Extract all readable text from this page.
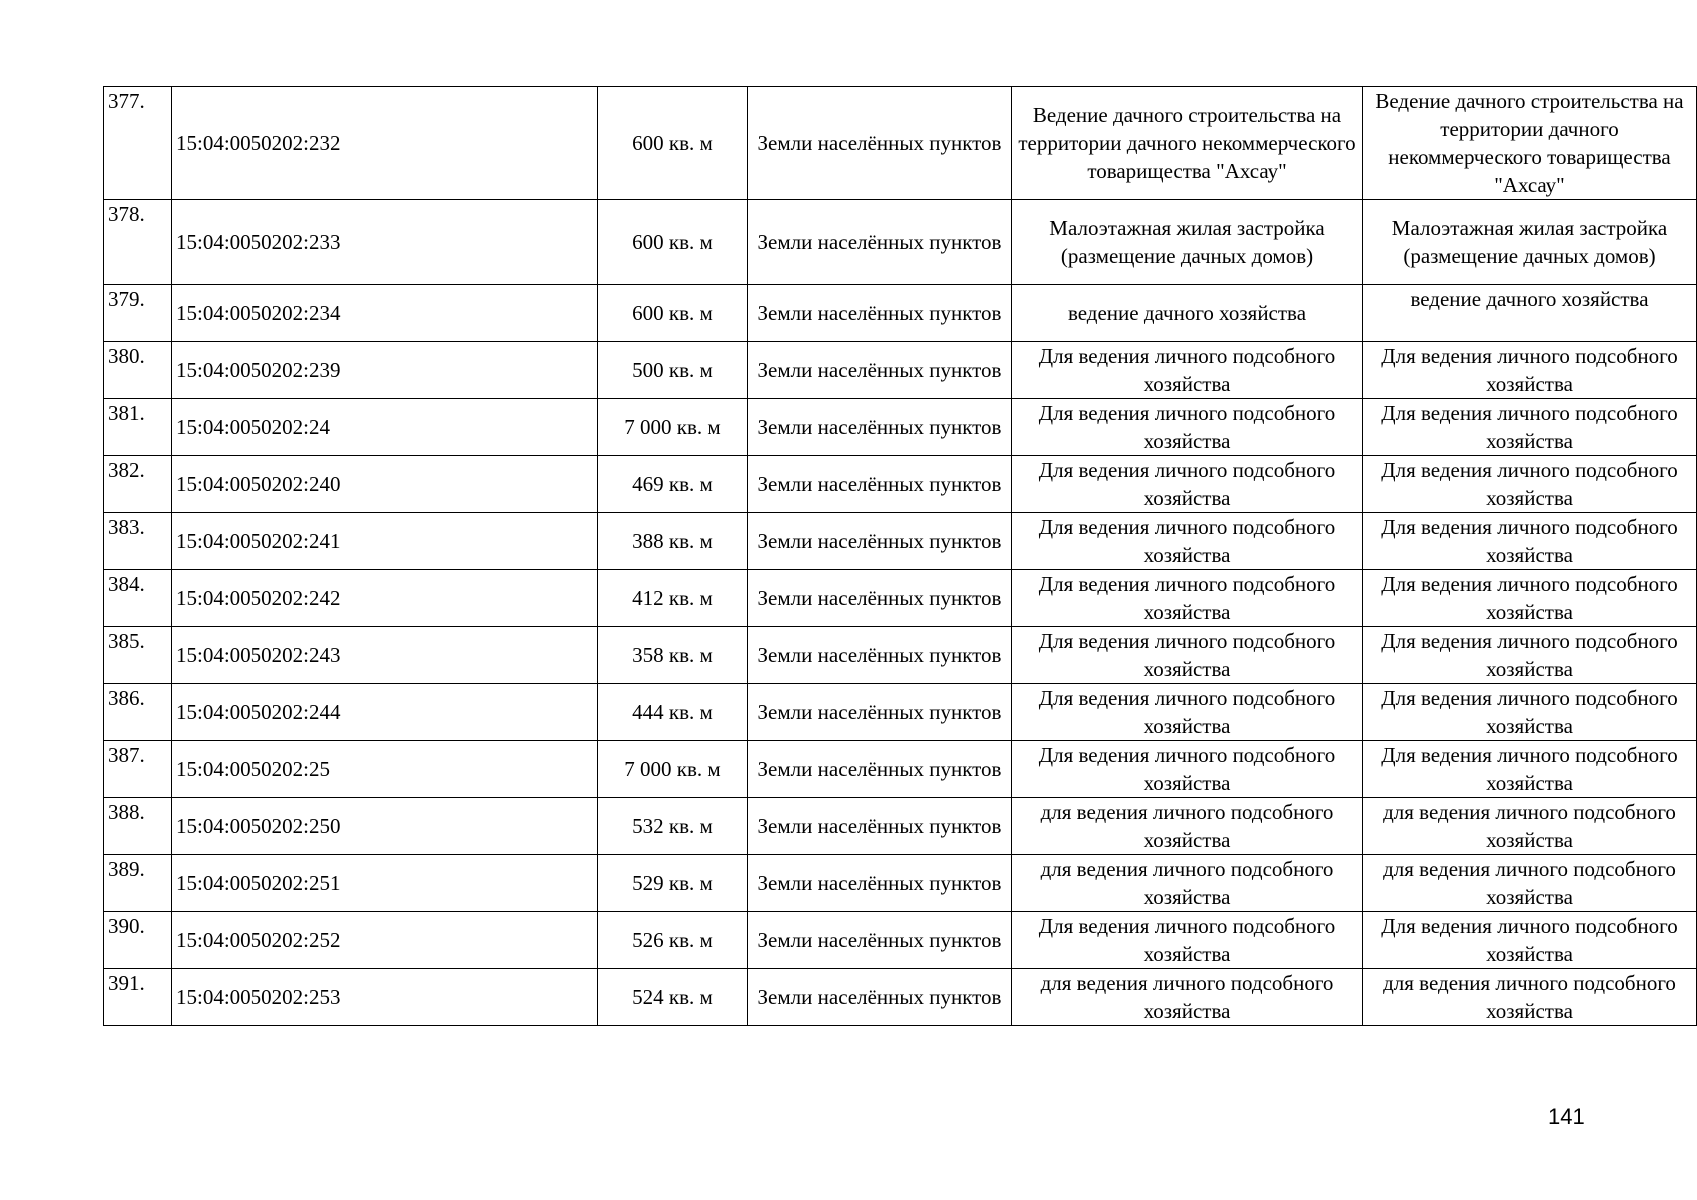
377.	15:04:0050202:232	600 кв. м	Земли населённых пунктов	Ведение дачного строительства на территории дачного некоммерческого товарищества "Ахсау"	Ведение дачного строительства на территории дачного некоммерческого товарищества "Ахсау"
378.	15:04:0050202:233	600 кв. м	Земли населённых пунктов	Малоэтажная жилая застройка (размещение дачных домов)	Малоэтажная жилая застройка (размещение дачных домов)
379.	15:04:0050202:234	600 кв. м	Земли населённых пунктов	ведение дачного хозяйства	ведение дачного хозяйства
380.	15:04:0050202:239	500 кв. м	Земли населённых пунктов	Для ведения личного подсобного хозяйства	Для ведения личного подсобного хозяйства
381.	15:04:0050202:24	7 000 кв. м	Земли населённых пунктов	Для ведения личного подсобного хозяйства	Для ведения личного подсобного хозяйства
382.	15:04:0050202:240	469 кв. м	Земли населённых пунктов	Для ведения личного подсобного хозяйства	Для ведения личного подсобного хозяйства
383.	15:04:0050202:241	388 кв. м	Земли населённых пунктов	Для ведения личного подсобного хозяйства	Для ведения личного подсобного хозяйства
384.	15:04:0050202:242	412 кв. м	Земли населённых пунктов	Для ведения личного подсобного хозяйства	Для ведения личного подсобного хозяйства
385.	15:04:0050202:243	358 кв. м	Земли населённых пунктов	Для ведения личного подсобного хозяйства	Для ведения личного подсобного хозяйства
386.	15:04:0050202:244	444 кв. м	Земли населённых пунктов	Для ведения личного подсобного хозяйства	Для ведения личного подсобного хозяйства
387.	15:04:0050202:25	7 000 кв. м	Земли населённых пунктов	Для ведения личного подсобного хозяйства	Для ведения личного подсобного хозяйства
388.	15:04:0050202:250	532 кв. м	Земли населённых пунктов	для ведения личного подсобного хозяйства	для ведения личного подсобного хозяйства
389.	15:04:0050202:251	529 кв. м	Земли населённых пунктов	для ведения личного подсобного хозяйства	для ведения личного подсобного хозяйства
390.	15:04:0050202:252	526 кв. м	Земли населённых пунктов	Для ведения личного подсобного хозяйства	Для ведения личного подсобного хозяйства
391.	15:04:0050202:253	524 кв. м	Земли населённых пунктов	для ведения личного подсобного хозяйства	для ведения личного подсобного хозяйства
141
